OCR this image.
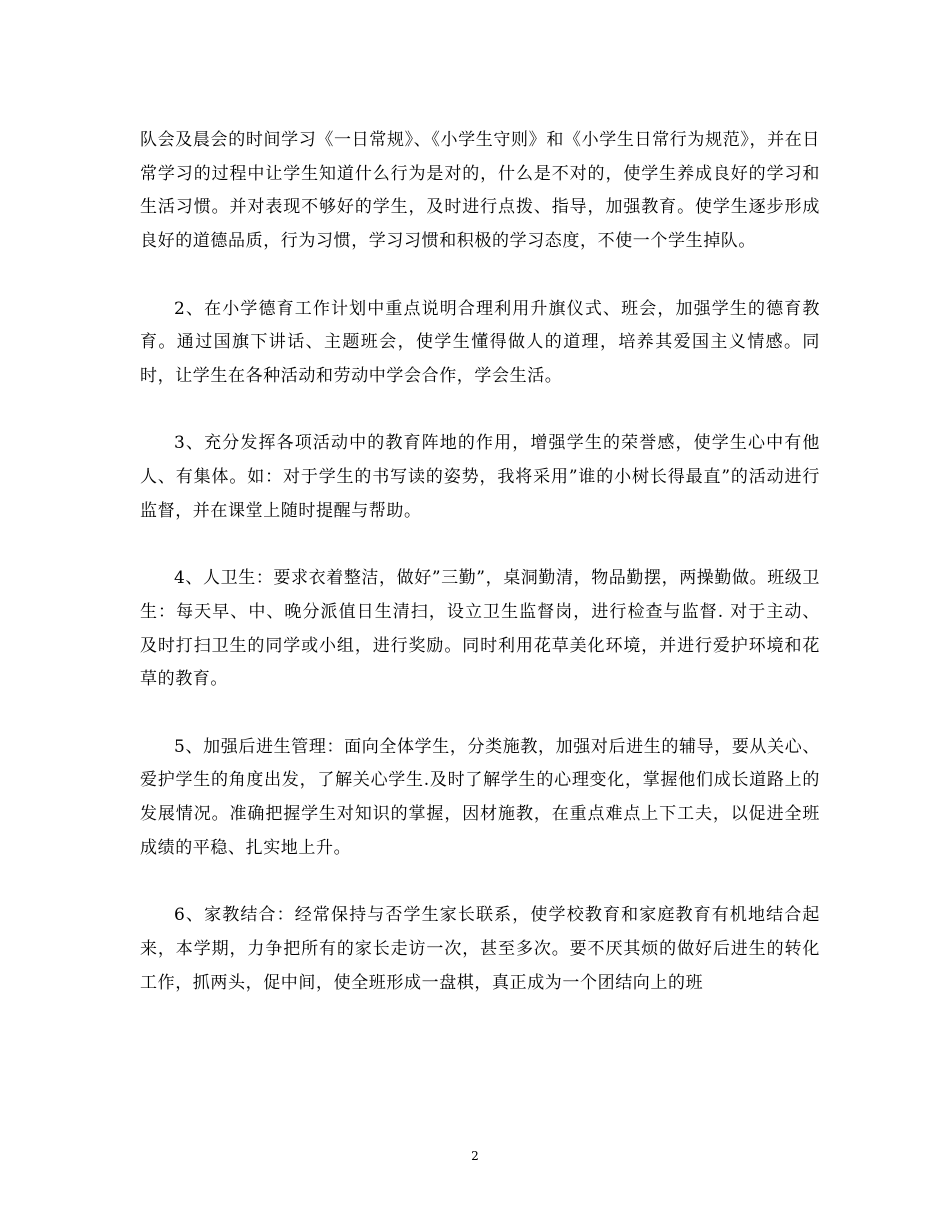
队会及晨会的时间学习《一日常规》、《小学生守则》和《小学生日常行为规范》，并在日常学习的过程中让学生知道什么行为是对的，什么是不对的，使学生养成良好的学习和生活习惯。并对表现不够好的学生，及时进行点拨、指导，加强教育。使学生逐步形成良好的道德品质，行为习惯，学习习惯和积极的学习态度，不使一个学生掉队。

2、在小学德育工作计划中重点说明合理利用升旗仪式、班会，加强学生的德育教育。通过国旗下讲话、主题班会，使学生懂得做人的道理，培养其爱国主义情感。同时，让学生在各种活动和劳动中学会合作，学会生活。

3、充分发挥各项活动中的教育阵地的作用，增强学生的荣誉感，使学生心中有他人、有集体。如：对于学生的书写读的姿势，我将采用”谁的小树长得最直”的活动进行监督，并在课堂上随时提醒与帮助。

4、人卫生：要求衣着整洁，做好”三勤”，桌洞勤清，物品勤摆，两操勤做。班级卫生：每天早、中、晚分派值日生清扫，设立卫生监督岗，进行检查与监督. 对于主动、及时打扫卫生的同学或小组，进行奖励。同时利用花草美化环境，并进行爱护环境和花草的教育。

5、加强后进生管理：面向全体学生，分类施教，加强对后进生的辅导，要从关心、爱护学生的角度出发，了解关心学生.及时了解学生的心理变化，掌握他们成长道路上的发展情况。准确把握学生对知识的掌握，因材施教，在重点难点上下工夫，以促进全班成绩的平稳、扎实地上升。

6、家教结合：经常保持与否学生家长联系，使学校教育和家庭教育有机地结合起来，本学期，力争把所有的家长走访一次，甚至多次。要不厌其烦的做好后进生的转化工作，抓两头，促中间，使全班形成一盘棋，真正成为一个团结向上的班

2
